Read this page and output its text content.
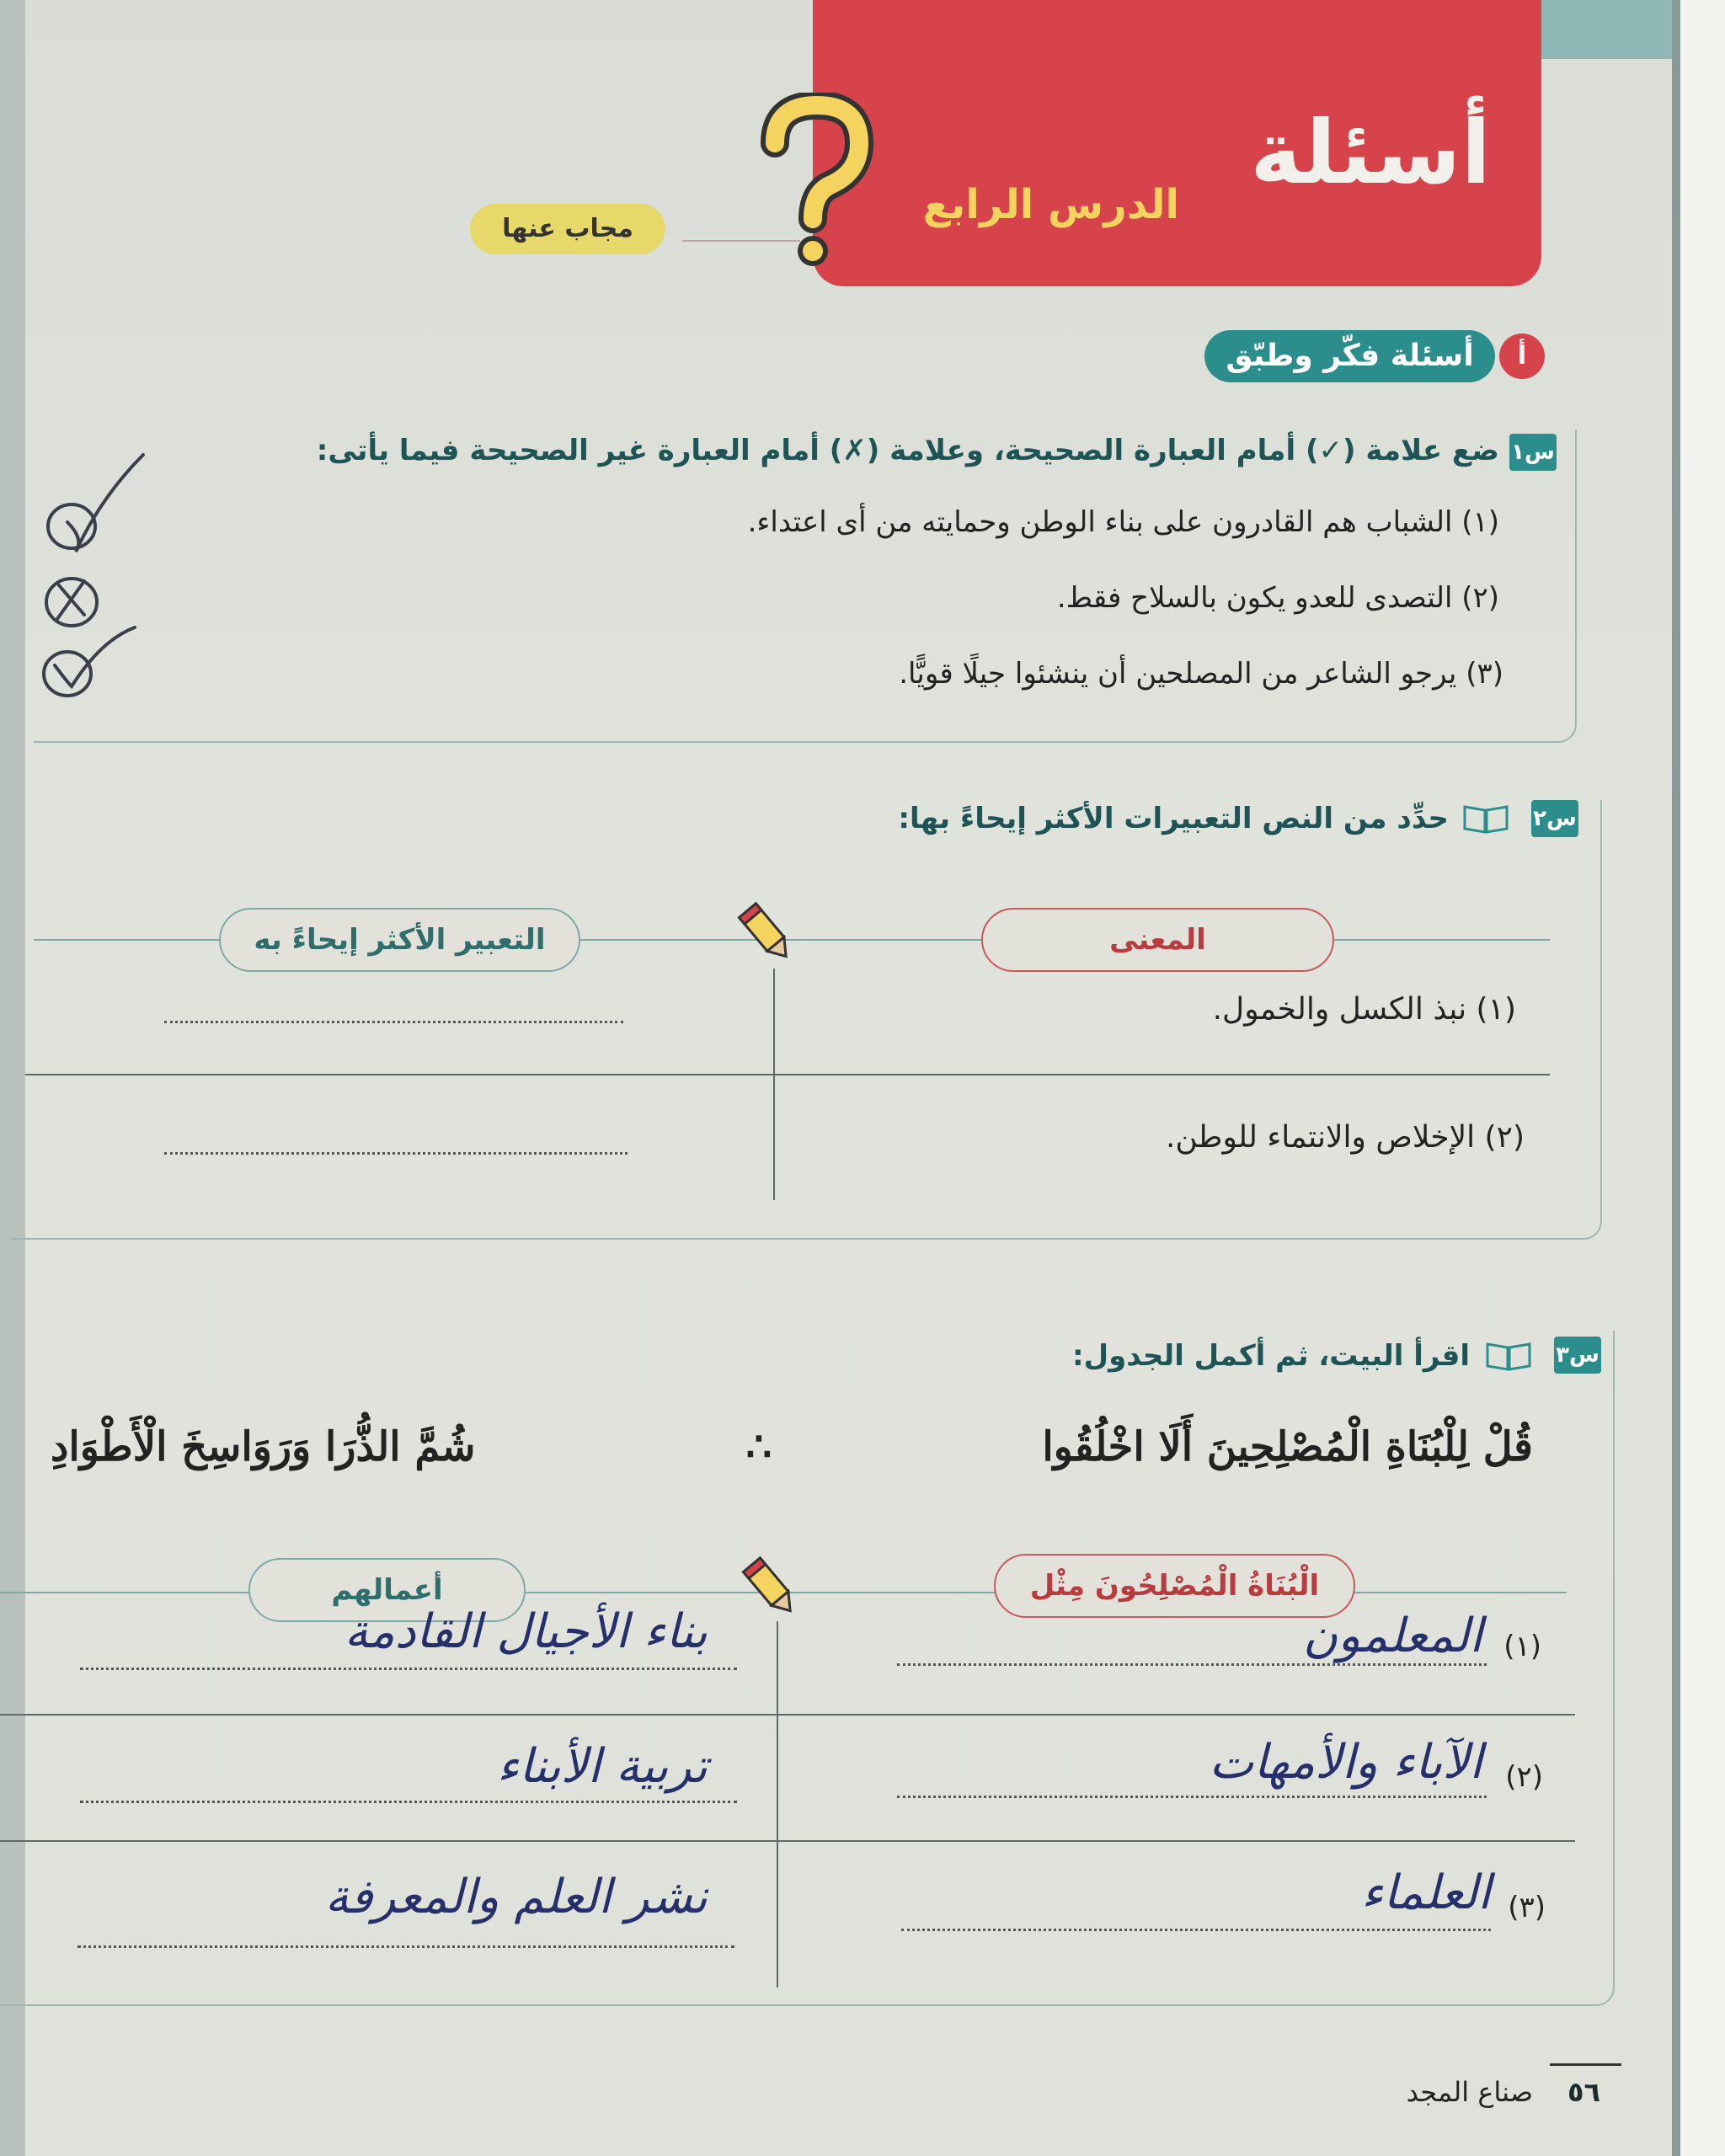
أسئلة
الدرس الرابع
مجاب عنها
أ
أسئلة فكّر وطبّق
س١
ضع علامة (✓) أمام العبارة الصحيحة، وعلامة (✗) أمام العبارة غير الصحيحة فيما يأتى:
(١) الشباب هم القادرون على بناء الوطن وحمايته من أى اعتداء.
(٢) التصدى للعدو يكون بالسلاح فقط.
(٣) يرجو الشاعر من المصلحين أن ينشئوا جيلًا قويًّا.
س٢
حدِّد من النص التعبيرات الأكثر إيحاءً بها:
المعنى
التعبير الأكثر إيحاءً به
(١) نبذ الكسل والخمول.
(٢) الإخلاص والانتماء للوطن.
س٣
اقرأ البيت، ثم أكمل الجدول:
قُلْ لِلْبُنَاةِ الْمُصْلِحِينَ أَلَا اخْلُقُوا
∴
شُمَّ الذُّرَا وَرَوَاسِخَ الْأَطْوَادِ
الْبُنَاةُ الْمُصْلِحُونَ مِثْل
أعمالهم
(١)
المعلمون
بناء الأجيال القادمة
(٢)
الآباء والأمهات
تربية الأبناء
(٣)
العلماء
نشر العلم والمعرفة
٥٦
صناع المجد
